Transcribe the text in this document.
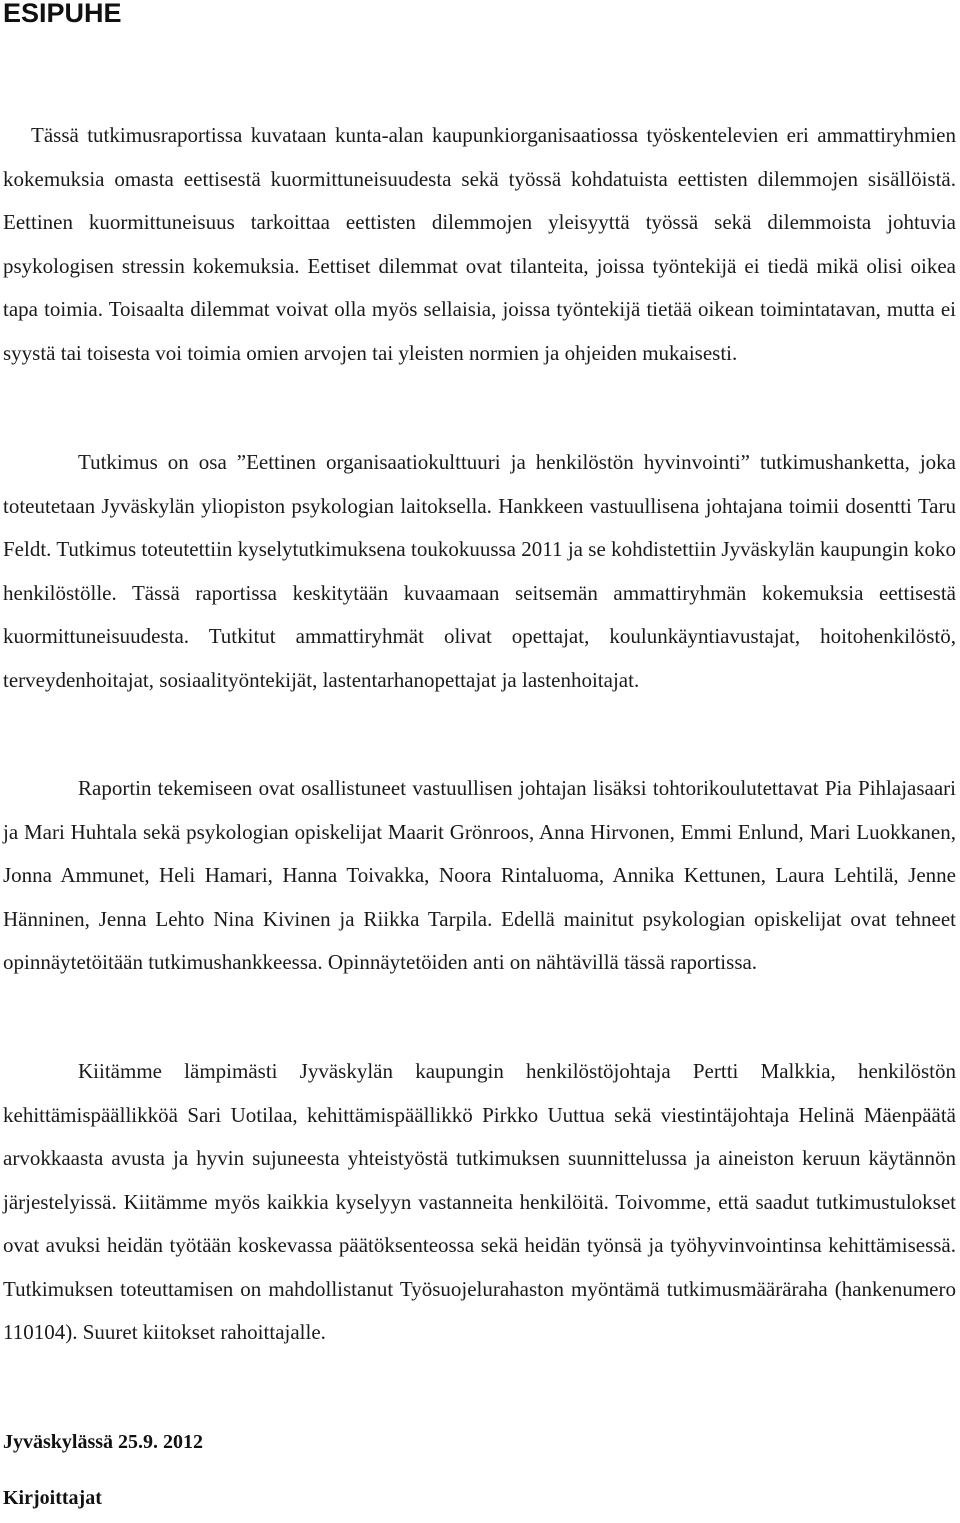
ESIPUHE

Tässä tutkimusraportissa kuvataan kunta-alan kaupunkiorganisaatiossa työskentelevien eri ammattiryhmien kokemuksia omasta eettisestä kuormittuneisuudesta sekä työssä kohdatuista eettisten dilemmojen sisällöistä. Eettinen kuormittuneisuus tarkoittaa eettisten dilemmojen yleisyyttä työssä sekä dilemmoista johtuvia psykologisen stressin kokemuksia. Eettiset dilemmat ovat tilanteita, joissa työntekijä ei tiedä mikä olisi oikea tapa toimia. Toisaalta dilemmat voivat olla myös sellaisia, joissa työntekijä tietää oikean toimintatavan, mutta ei syystä tai toisesta voi toimia omien arvojen tai yleisten normien ja ohjeiden mukaisesti.

Tutkimus on osa ”Eettinen organisaatiokulttuuri ja henkilöstön hyvinvointi” tutkimushanketta, joka toteutetaan Jyväskylän yliopiston psykologian laitoksella. Hankkeen vastuullisena johtajana toimii dosentti Taru Feldt. Tutkimus toteutettiin kyselytutkimuksena toukokuussa 2011 ja se kohdistettiin Jyväskylän kaupungin koko henkilöstölle. Tässä raportissa keskitytään kuvaamaan seitsemän ammattiryhmän kokemuksia eettisestä kuormittuneisuudesta. Tutkitut ammattiryhmät olivat opettajat, koulunkäyntiavustajat, hoitohenkilöstö, terveydenhoitajat, sosiaalityöntekijät, lastentarhanopettajat ja lastenhoitajat.

Raportin tekemiseen ovat osallistuneet vastuullisen johtajan lisäksi tohtorikoulutettavat Pia Pihlajasaari ja Mari Huhtala sekä psykologian opiskelijat Maarit Grönroos, Anna Hirvonen, Emmi Enlund, Mari Luokkanen, Jonna Ammunet, Heli Hamari, Hanna Toivakka, Noora Rintaluoma, Annika Kettunen, Laura Lehtilä, Jenne Hänninen, Jenna Lehto Nina Kivinen ja Riikka Tarpila. Edellä mainitut psykologian opiskelijat ovat tehneet opinnäytetöitään tutkimushankkeessa. Opinnäytetöiden anti on nähtävillä tässä raportissa.

Kiitämme lämpimästi Jyväskylän kaupungin henkilöstöjohtaja Pertti Malkkia, henkilöstön kehittämispäällikköä Sari Uotilaa, kehittämispäällikkö Pirkko Uuttua sekä viestintäjohtaja Helinä Mäenpäätä arvokkaasta avusta ja hyvin sujuneesta yhteistyöstä tutkimuksen suunnittelussa ja aineiston keruun käytännön järjestelyissä. Kiitämme myös kaikkia kyselyyn vastanneita henkilöitä. Toivomme, että saadut tutkimustulokset ovat avuksi heidän työtään koskevassa päätöksenteossa sekä heidän työnsä ja työhyvinvointinsa kehittämisessä. Tutkimuksen toteuttamisen on mahdollistanut Työsuojelurahaston myöntämä tutkimusmääräraha (hankenumero 110104). Suuret kiitokset rahoittajalle.

Jyväskylässä 25.9. 2012

Kirjoittajat
